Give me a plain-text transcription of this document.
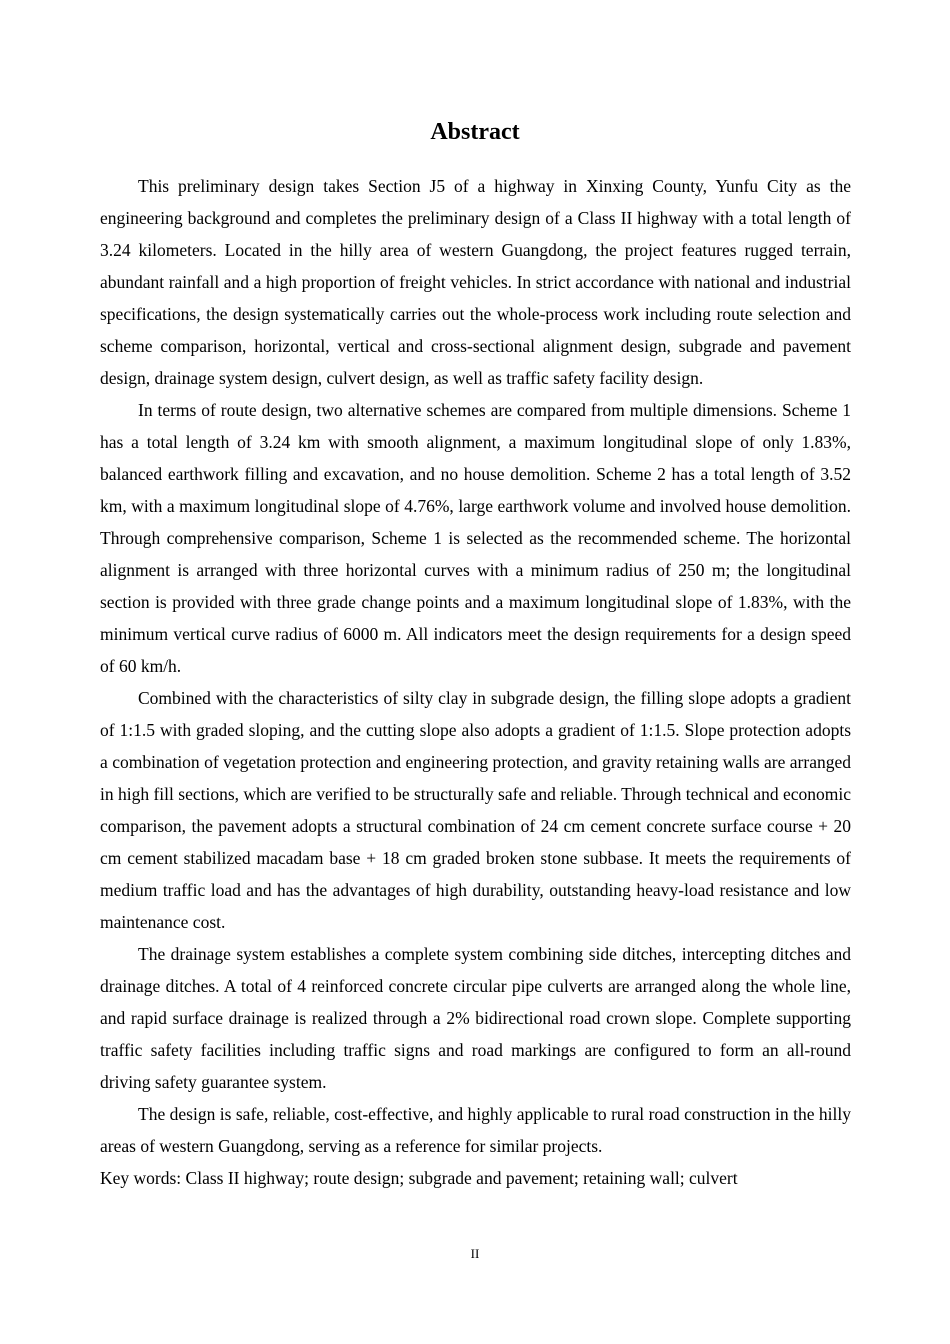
Abstract

This preliminary design takes Section J5 of a highway in Xinxing County, Yunfu City as the engineering background and completes the preliminary design of a Class II highway with a total length of 3.24 kilometers. Located in the hilly area of western Guangdong, the project features rugged terrain, abundant rainfall and a high proportion of freight vehicles. In strict accordance with national and industrial specifications, the design systematically carries out the whole-process work including route selection and scheme comparison, horizontal, vertical and cross-sectional alignment design, subgrade and pavement design, drainage system design, culvert design, as well as traffic safety facility design.

In terms of route design, two alternative schemes are compared from multiple dimensions. Scheme 1 has a total length of 3.24 km with smooth alignment, a maximum longitudinal slope of only 1.83%, balanced earthwork filling and excavation, and no house demolition. Scheme 2 has a total length of 3.52 km, with a maximum longitudinal slope of 4.76%, large earthwork volume and involved house demolition. Through comprehensive comparison, Scheme 1 is selected as the recommended scheme. The horizontal alignment is arranged with three horizontal curves with a minimum radius of 250 m; the longitudinal section is provided with three grade change points and a maximum longitudinal slope of 1.83%, with the minimum vertical curve radius of 6000 m. All indicators meet the design requirements for a design speed of 60 km/h.

Combined with the characteristics of silty clay in subgrade design, the filling slope adopts a gradient of 1:1.5 with graded sloping, and the cutting slope also adopts a gradient of 1:1.5. Slope protection adopts a combination of vegetation protection and engineering protection, and gravity retaining walls are arranged in high fill sections, which are verified to be structurally safe and reliable. Through technical and economic comparison, the pavement adopts a structural combination of 24 cm cement concrete surface course + 20 cm cement stabilized macadam base + 18 cm graded broken stone subbase. It meets the requirements of medium traffic load and has the advantages of high durability, outstanding heavy-load resistance and low maintenance cost.

The drainage system establishes a complete system combining side ditches, intercepting ditches and drainage ditches. A total of 4 reinforced concrete circular pipe culverts are arranged along the whole line, and rapid surface drainage is realized through a 2% bidirectional road crown slope. Complete supporting traffic safety facilities including traffic signs and road markings are configured to form an all-round driving safety guarantee system.

The design is safe, reliable, cost-effective, and highly applicable to rural road construction in the hilly areas of western Guangdong, serving as a reference for similar projects.

Key words: Class II highway; route design; subgrade and pavement; retaining wall; culvert

II
